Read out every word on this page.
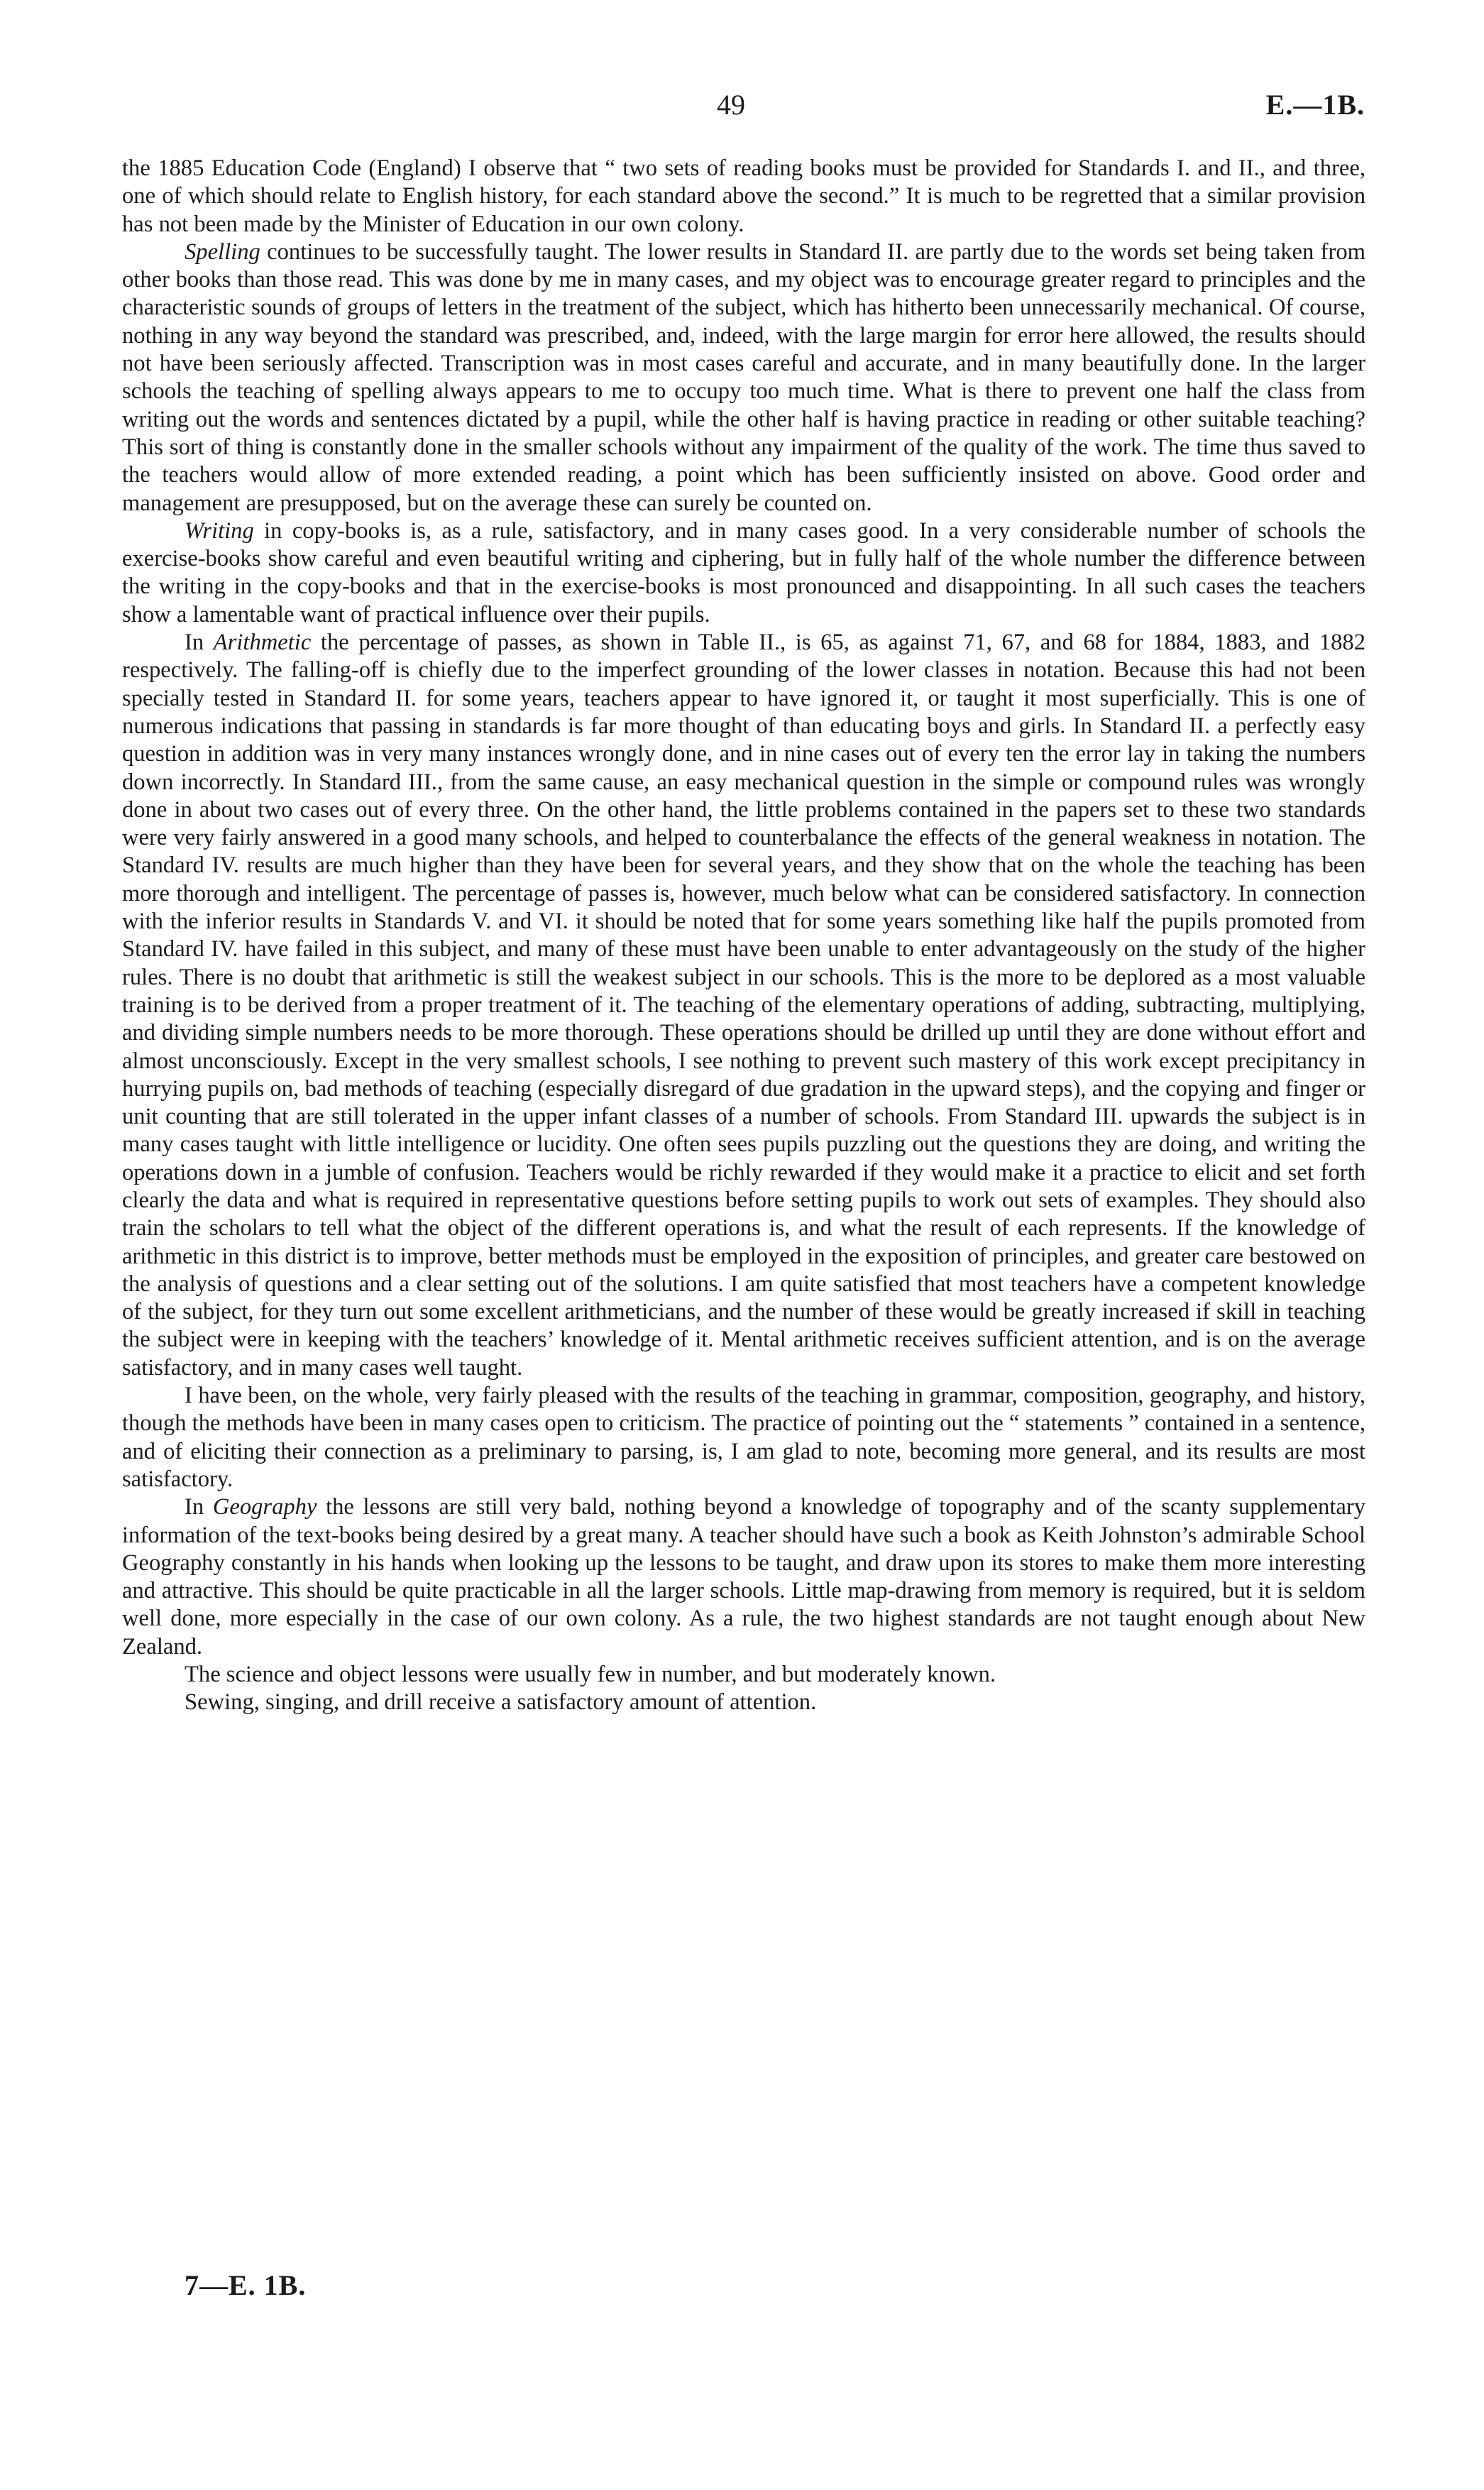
49	E.—1B.

the 1885 Education Code (England) I observe that “ two sets of reading books must be provided for Standards I. and II., and three, one of which should relate to English history, for each standard above the second.” It is much to be regretted that a similar provision has not been made by the Minister of Education in our own colony.

Spelling continues to be successfully taught. The lower results in Standard II. are partly due to the words set being taken from other books than those read. This was done by me in many cases, and my object was to encourage greater regard to principles and the characteristic sounds of groups of letters in the treatment of the subject, which has hitherto been unnecessarily mechanical. Of course, nothing in any way beyond the standard was prescribed, and, indeed, with the large margin for error here allowed, the results should not have been seriously affected. Transcription was in most cases careful and accurate, and in many beautifully done. In the larger schools the teaching of spelling always appears to me to occupy too much time. What is there to prevent one half the class from writing out the words and sentences dictated by a pupil, while the other half is having practice in reading or other suitable teaching? This sort of thing is constantly done in the smaller schools without any impairment of the quality of the work. The time thus saved to the teachers would allow of more extended reading, a point which has been sufficiently insisted on above. Good order and management are presupposed, but on the average these can surely be counted on.

Writing in copy-books is, as a rule, satisfactory, and in many cases good. In a very considerable number of schools the exercise-books show careful and even beautiful writing and ciphering, but in fully half of the whole number the difference between the writing in the copy-books and that in the exercise-books is most pronounced and disappointing. In all such cases the teachers show a lamentable want of practical influence over their pupils.

In Arithmetic the percentage of passes, as shown in Table II., is 65, as against 71, 67, and 68 for 1884, 1883, and 1882 respectively. The falling-off is chiefly due to the imperfect grounding of the lower classes in notation. Because this had not been specially tested in Standard II. for some years, teachers appear to have ignored it, or taught it most superficially. This is one of numerous indications that passing in standards is far more thought of than educating boys and girls. In Standard II. a perfectly easy question in addition was in very many instances wrongly done, and in nine cases out of every ten the error lay in taking the numbers down incorrectly. In Standard III., from the same cause, an easy mechanical question in the simple or compound rules was wrongly done in about two cases out of every three. On the other hand, the little problems contained in the papers set to these two standards were very fairly answered in a good many schools, and helped to counterbalance the effects of the general weakness in notation. The Standard IV. results are much higher than they have been for several years, and they show that on the whole the teaching has been more thorough and intelligent. The percentage of passes is, however, much below what can be considered satisfactory. In connection with the inferior results in Standards V. and VI. it should be noted that for some years something like half the pupils promoted from Standard IV. have failed in this subject, and many of these must have been unable to enter advantageously on the study of the higher rules. There is no doubt that arithmetic is still the weakest subject in our schools. This is the more to be deplored as a most valuable training is to be derived from a proper treatment of it. The teaching of the elementary operations of adding, subtracting, multiplying, and dividing simple numbers needs to be more thorough. These operations should be drilled up until they are done without effort and almost unconsciously. Except in the very smallest schools, I see nothing to prevent such mastery of this work except precipitancy in hurrying pupils on, bad methods of teaching (especially disregard of due gradation in the upward steps), and the copying and finger or unit counting that are still tolerated in the upper infant classes of a number of schools. From Standard III. upwards the subject is in many cases taught with little intelligence or lucidity. One often sees pupils puzzling out the questions they are doing, and writing the operations down in a jumble of confusion. Teachers would be richly rewarded if they would make it a practice to elicit and set forth clearly the data and what is required in representative questions before setting pupils to work out sets of examples. They should also train the scholars to tell what the object of the different operations is, and what the result of each represents. If the knowledge of arithmetic in this district is to improve, better methods must be employed in the exposition of principles, and greater care bestowed on the analysis of questions and a clear setting out of the solutions. I am quite satisfied that most teachers have a competent knowledge of the subject, for they turn out some excellent arithmeticians, and the number of these would be greatly increased if skill in teaching the subject were in keeping with the teachers’ knowledge of it. Mental arithmetic receives sufficient attention, and is on the average satisfactory, and in many cases well taught.

I have been, on the whole, very fairly pleased with the results of the teaching in grammar, composition, geography, and history, though the methods have been in many cases open to criticism. The practice of pointing out the “ statements ” contained in a sentence, and of eliciting their connection as a preliminary to parsing, is, I am glad to note, becoming more general, and its results are most satisfactory.

In Geography the lessons are still very bald, nothing beyond a knowledge of topography and of the scanty supplementary information of the text-books being desired by a great many. A teacher should have such a book as Keith Johnston’s admirable School Geography constantly in his hands when looking up the lessons to be taught, and draw upon its stores to make them more interesting and attractive. This should be quite practicable in all the larger schools. Little map-drawing from memory is required, but it is seldom well done, more especially in the case of our own colony. As a rule, the two highest standards are not taught enough about New Zealand.

The science and object lessons were usually few in number, and but moderately known.

Sewing, singing, and drill receive a satisfactory amount of attention.

7—E. 1B.
